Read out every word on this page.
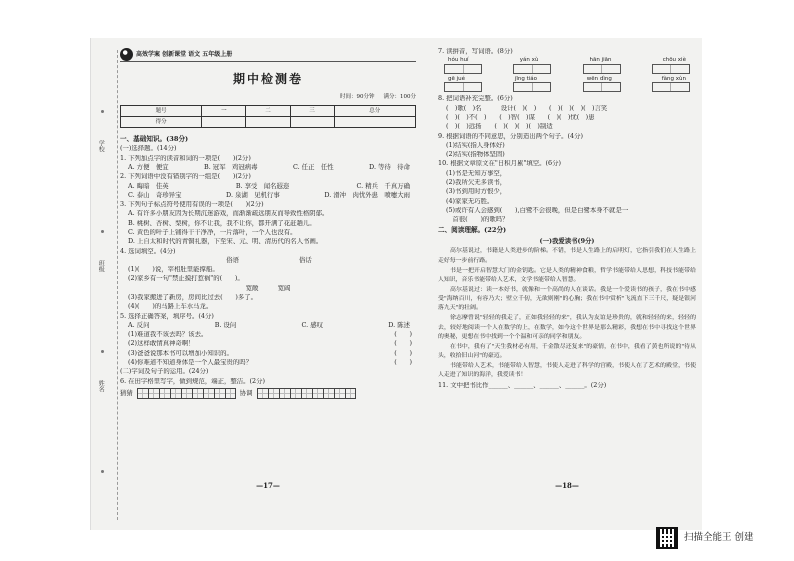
学校
班级
姓名
高效学案 创新课堂 语文 五年级上册
期中检测卷
时间：90分钟 　 满分：100分
题号	一	二	三	总分
得分				
一、基础知识。(38分)
(一)选择题。(14分)
1. 下列加点字的读音和词的一项是(　　)(2分)
A. 方便　便宜	B. 冠军　鸡冠病毒	C. 任正　任性	D. 等待　待命
2. 下列词语中没有错别字的一组是(　　)(2分)
A. 晦暗　佳英	B. 享受　闻名遐迩	C. 精兵　千真万确
C. 泰山　奇珍异宝	D. 泉湖　见机行事	D. 滑冲　肉忧外患　喷嚏大雨
3. 下列句子标点符号使用有误的一项是(　　)(2分)
A. 有许多小朋友因为长期沉迷游戏，而渐渐疏远朋友而导致性格阴郁。
B. 桃树、杏树、梨树，你不让我，我不让你，都开满了花赶趟儿。
C. 黄色的叶子上铺得干干净净，一片落叶，一个人也没有。
D. 上自太和时代的青铜礼器，下至宋、元、明、清历代的名人书画。
4. 选词填空。(4分)
俗语	俗话
(1)(　　)说，宰相肚里能撑船。
(2)家乡有一句"禁止摸打惹祸"的(　　)。
宽敞　　　宽阔
(3)我家搬进了新房，房间比过去(　　)多了。
(4)(　　)的马路上车水马龙。
5. 选择正确答案，填序号。(4分)
A. 反问	B. 设问	C. 感叹	D. 陈述
(1)难道我不该去吗？该去。	(　　)
(2)这样敢情真神奇啊！	(　　)
(3)爸爸说那本书可以增加小知识的。	(　　)
(4)你难道不知道身体是一个人最宝贵的吗？	(　　)
(二)字词及句子的运用。(24分)
6. 在田字格里写字，做到规范，端正，整洁。(2分)
猜猜	协调
—17—
7. 读拼音，写词语。(8分)
hóu huí	yán xù	hān jiān	chōu xiè
gē jué	jīng tiáo	wēn dìng	fàng xùn
8. 把词语补充完整。(6分)
(　)歌(　)名　　　设计(　)(　)　　(　)(　)(　)(　)言笑
(　)(　)不(　)　　(　)智(　)谋　　(　)(　)忧(　)患
(　)(　)远扬　　(　)(　)(　)(　)制适
9. 根据词语的不同意思，分别造出两个句子。(4分)
(1)结实(指人身体好)
(2)结实(指物体坚固)
10. 根据文章原文在"日积月累"填空。(6分)
(1)书是无知万事空，
(2)我所欠无多读书，
(3)书到用时方恨少，
(4)家家无巧胜。
(5)或许有人会感到(　　),白鹭不会很晚，但是白鹭本身不就是一
　首很(　　)的歌吗？
二、阅读理解。(22分)
(一)我爱读书(9分)

高尔基说过，书籍是人类进步的阶梯。不错，书是人生路上的启明灯，它指引我们在人生路上走好每一步前行路。

书是一把开启智慧大门的金钥匙。它是人类的精神食粮，哲学书能带给人思想，科技书能带给人知识，音乐书能带给人艺术，文学书能带给人智慧。

高尔基说过：读一本好书，就像和一个高尚的人在谈话。我是一个爱读书的孩子，我在书中感受"海纳百川，有容乃大；壁立千仞，无欲则刚"的心胸；我在书中赏析"飞流直下三千尺，疑是银河落九天"的壮阔。

徐志摩曾说"轻轻的我走了，正如我轻轻的来"，我认为友谊是珍贵的，就和轻轻的来，轻轻的去，较好地阅读一个人在数学的上，在数学，如今这个世界是那么精彩，我想在书中寻找这个世界的奥秘，更想在书中找到一个个温和可亲的同学和朋友。

在书中，我有了"天生我材必有用，千金散尽还复来"的豪情，在书中，我看了黄也所说的"待从头，收拾旧山河"的豪迈。

书能带给人艺术，书能带给人智慧，书使人走进了科学的宫殿，书使人在了艺术的殿堂，书使人走进了知识的海洋，我爱读书！

11. 文中把书比作______、______、______、______。(2分)
—18—
扫描全能王 创建
